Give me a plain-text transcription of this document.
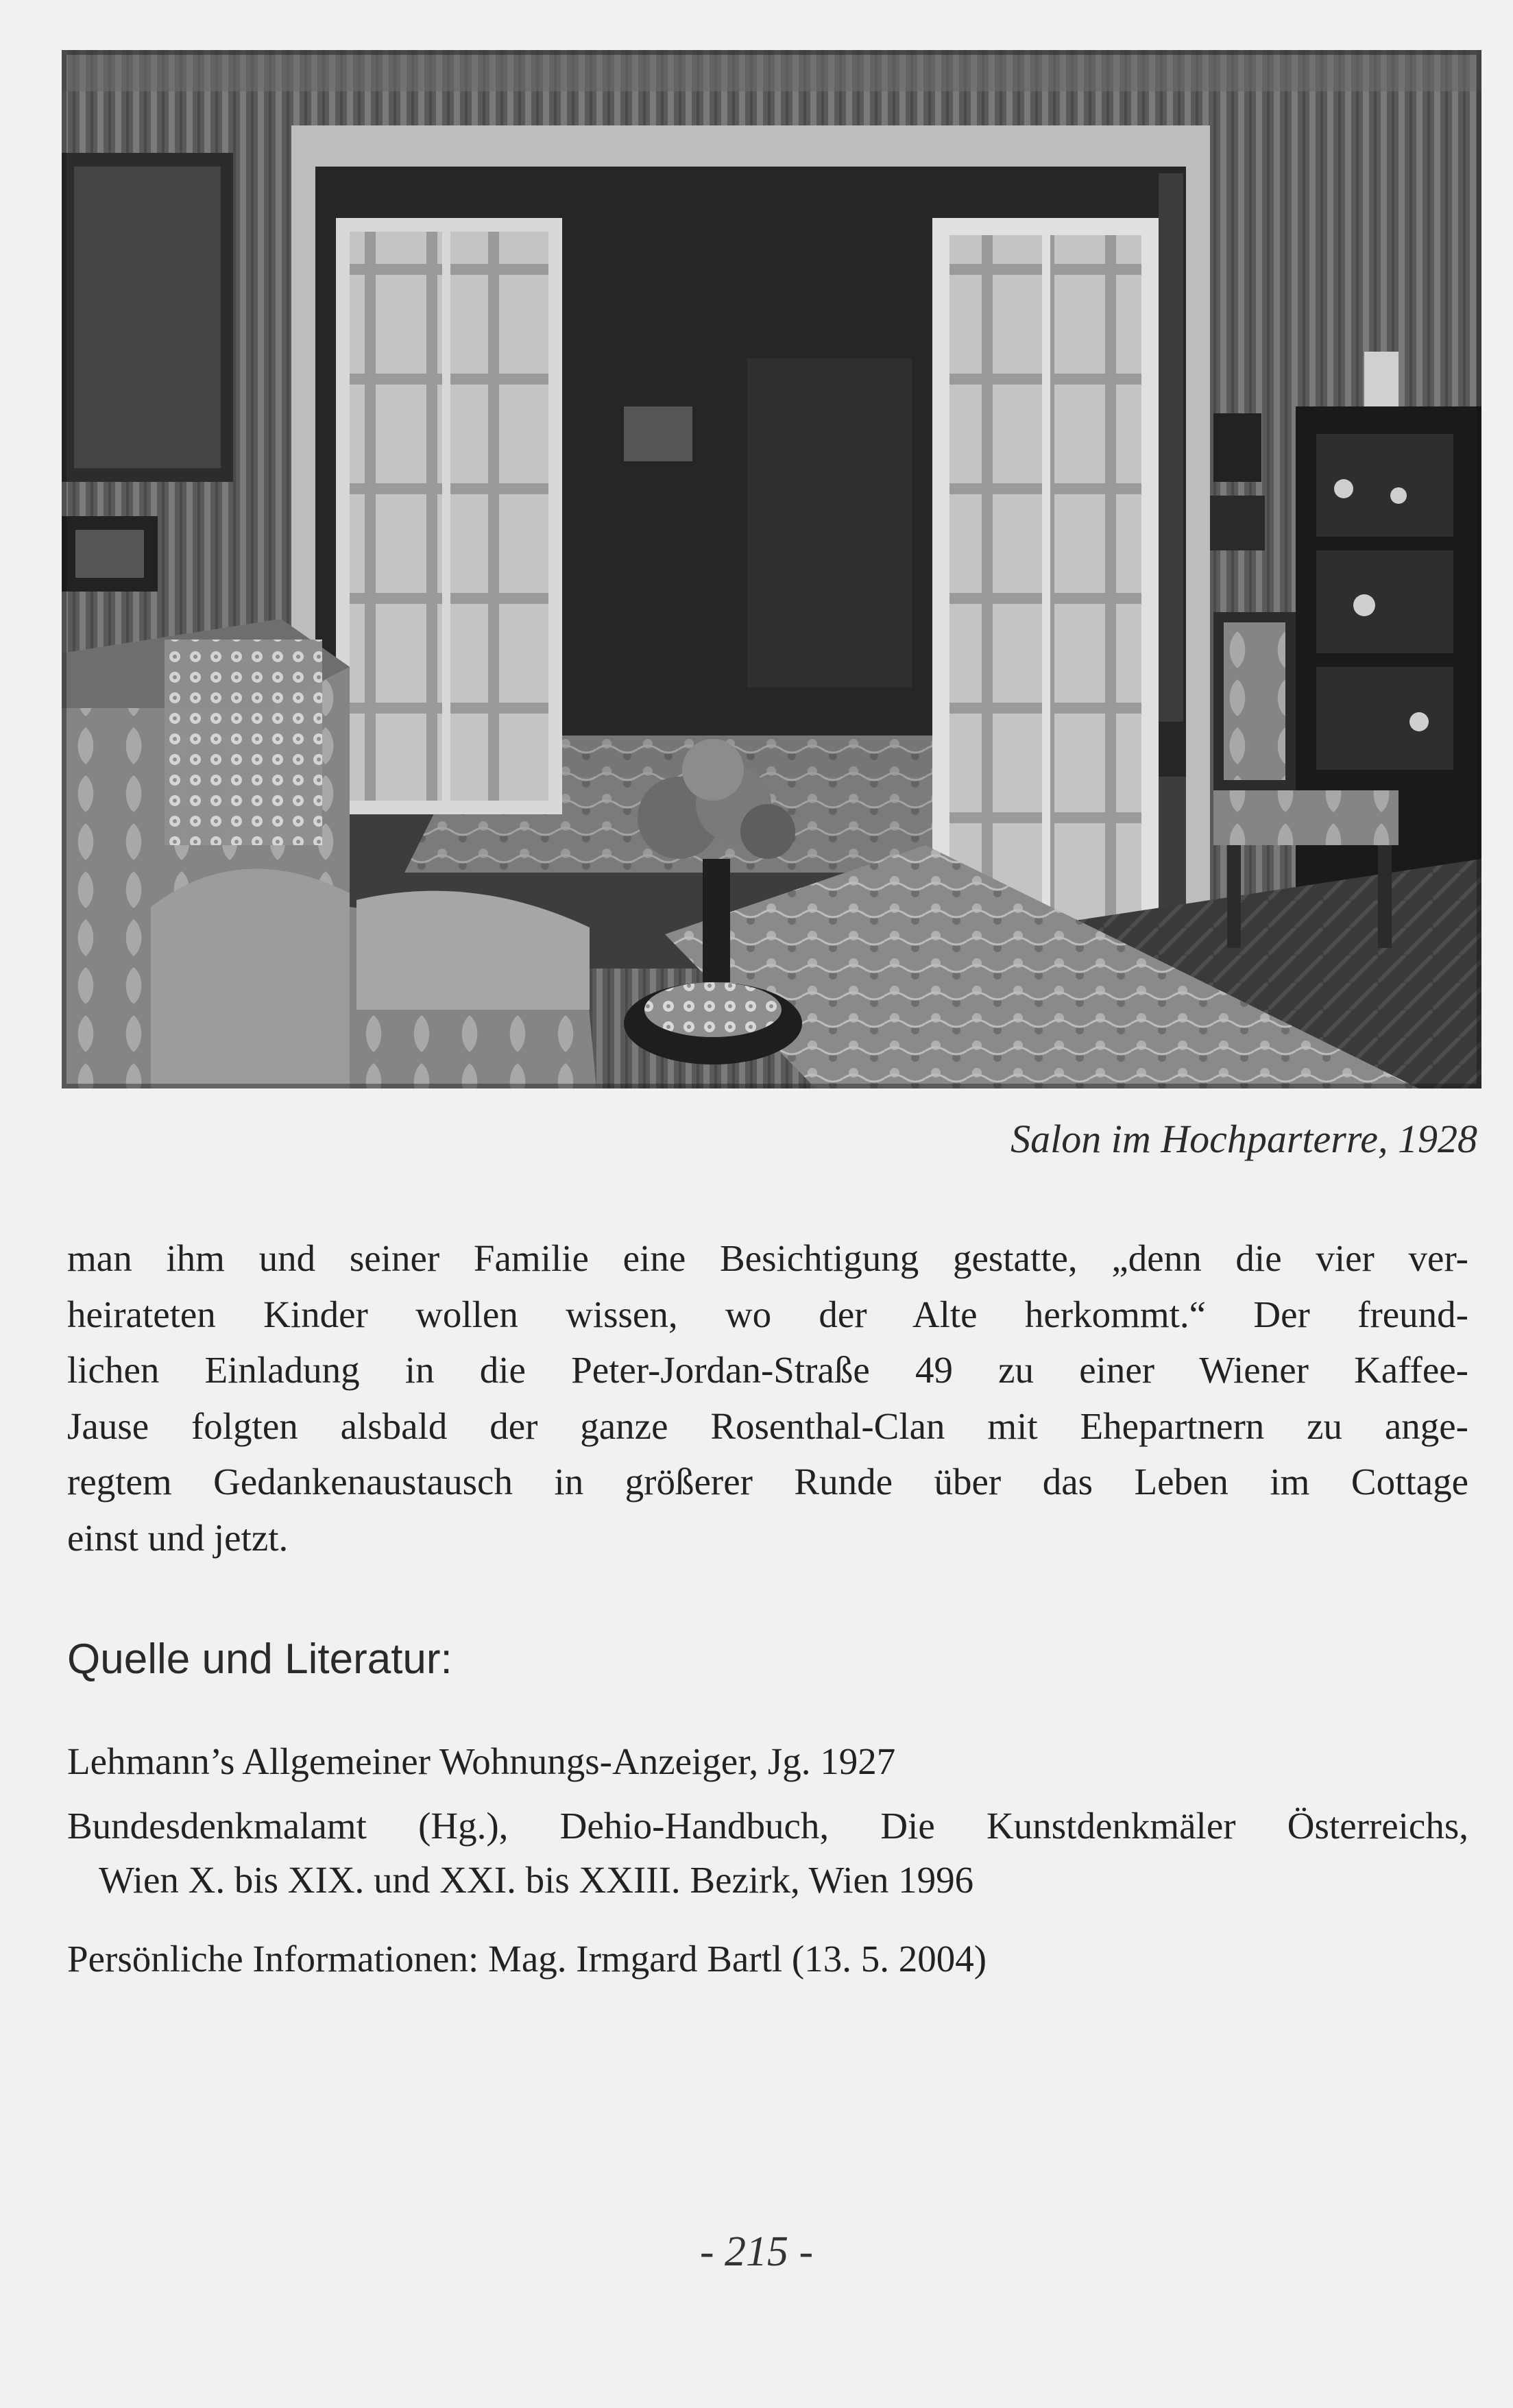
Salon im Hochparterre, 1928
man ihm und seiner Familie eine Besichtigung gestatte, „denn die vier ver-
heirateten Kinder wollen wissen, wo der Alte herkommt.“ Der freund-
lichen Einladung in die Peter-Jordan-Straße 49 zu einer Wiener Kaffee-
Jause folgten alsbald der ganze Rosenthal-Clan mit Ehepartnern zu ange-
regtem Gedankenaustausch in größerer Runde über das Leben im Cottage
einst und jetzt.
Quelle und Literatur:
Lehmann’s Allgemeiner Wohnungs-Anzeiger, Jg. 1927
Bundesdenkmalamt (Hg.), Dehio-Handbuch, Die Kunstdenkmäler Österreichs,
Wien X. bis XIX. und XXI. bis XXIII. Bezirk, Wien 1996
Persönliche Informationen: Mag. Irmgard Bartl (13. 5. 2004)
- 215 -
